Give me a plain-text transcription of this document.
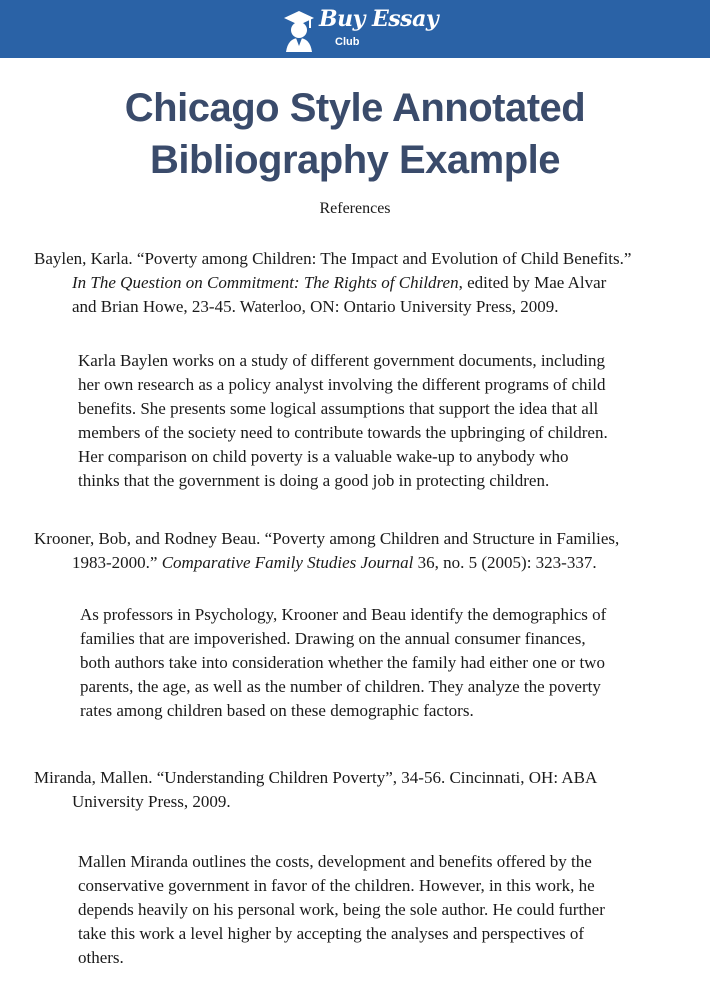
Buy Essay
Club
Chicago Style Annotated
Bibliography Example
References
Baylen, Karla. “Poverty among Children: The Impact and Evolution of Child Benefits.”
In The Question on Commitment: The Rights of Children, edited by Mae Alvar
and Brian Howe, 23-45. Waterloo, ON: Ontario University Press, 2009.
Karla Baylen works on a study of different government documents, including
her own research as a policy analyst involving the different programs of child
benefits. She presents some logical assumptions that support the idea that all
members of the society need to contribute towards the upbringing of children.
Her comparison on child poverty is a valuable wake-up to anybody who
thinks that the government is doing a good job in protecting children.
Krooner, Bob, and Rodney Beau. “Poverty among Children and Structure in Families,
1983-2000.” Comparative Family Studies Journal 36, no. 5 (2005): 323-337.
As professors in Psychology, Krooner and Beau identify the demographics of
families that are impoverished. Drawing on the annual consumer finances,
both authors take into consideration whether the family had either one or two
parents, the age, as well as the number of children. They analyze the poverty
rates among children based on these demographic factors.
Miranda, Mallen. “Understanding Children Poverty”, 34-56. Cincinnati, OH: ABA
University Press, 2009.
Mallen Miranda outlines the costs, development and benefits offered by the
conservative government in favor of the children. However, in this work, he
depends heavily on his personal work, being the sole author. He could further
take this work a level higher by accepting the analyses and perspectives of
others.
